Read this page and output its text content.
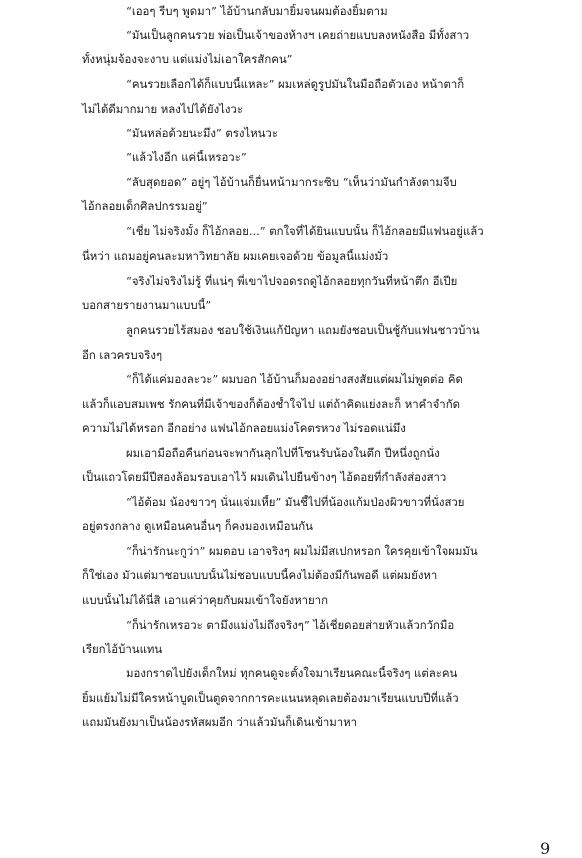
“เออๆ รีบๆ พูดมา” ไอ้บ้านกลับมายิ้มจนผมต้องยิ้มตาม
“มันเป็นลูกคนรวย พ่อเป็นเจ้าของห้างฯ เคยถ่ายแบบลงหนังสือ มีทั้งสาว
ทั้งหนุ่มจ้องจะงาบ แต่แม่งไม่เอาใครสักคน”
“คนรวยเลือกได้ก็แบบนี้แหละ” ผมเหล่ดูรูปมันในมือถือตัวเอง หน้าตาก็
ไม่ได้ดีมากมาย หลงไปได้ยังไงวะ
“มันหล่อด้วยนะมึง” ตรงไหนวะ
“แล้วไงอีก แค่นี้เหรอวะ”
“ลับสุดยอด” อยู่ๆ ไอ้บ้านก็ยื่นหน้ามากระซิบ “เห็นว่ามันกำลังตามจีบ
ไอ้กลอยเด็กศิลปกรรมอยู่”
“เชี่ย ไม่จริงมั้ง ก็ไอ้กลอย...” ตกใจที่ได้ยินแบบนั้น ก็ไอ้กลอยมีแฟนอยู่แล้ว
นี่หว่า แถมอยู่คนละมหาวิทยาลัย ผมเคยเจอด้วย ข้อมูลนี้แม่งมั่ว
“จริงไม่จริงไม่รู้ ที่แน่ๆ พี่เขาไปจอดรถดูไอ้กลอยทุกวันที่หน้าตึก อีเปีย
บอกสายรายงานมาแบบนี้”
ลูกคนรวยไร้สมอง ชอบใช้เงินแก้ปัญหา แถมยังชอบเป็นชู้กับแฟนชาวบ้าน
อีก เลวครบจริงๆ
“ก็ได้แค่มองละวะ” ผมบอก ไอ้บ้านก็มองอย่างสงสัยแต่ผมไม่พูดต่อ คิด
แล้วก็แอบสมเพช รักคนที่มีเจ้าของก็ต้องช้ำใจไป แต่ถ้าคิดแย่งละก็ หาคำจำกัด
ความไม่ได้หรอก อีกอย่าง แฟนไอ้กลอยแม่งโคตรหวง ไม่รอดแน่มึง
ผมเอามือถือคืนก่อนจะพากันลุกไปที่โซนรับน้องในตึก ปีหนึ่งถูกนั่ง
เป็นแถวโดยมีปีสองล้อมรอบเอาไว้ ผมเดินไปยืนข้างๆ ไอ้ดอยที่กำลังส่องสาว
“ไอ้ต้อม น้องขาวๆ นั่นแจ่มเหี้ย” มันชี้ไปที่น้องแก้มป่องผิวขาวที่นั่งสวย
อยู่ตรงกลาง ดูเหมือนคนอื่นๆ ก็คงมองเหมือนกัน
“ก็น่ารักนะกูว่า” ผมตอบ เอาจริงๆ ผมไม่มีสเปกหรอก ใครคุยเข้าใจผมมัน
ก็ใช่เอง มัวแต่มาชอบแบบนั้นไม่ชอบแบบนี้คงไม่ต้องมีกันพอดี แต่ผมยังหา
แบบนั้นไม่ได้นี่สิ เอาแค่ว่าคุยกับผมเข้าใจยังหายาก
“ก็น่ารักเหรอวะ ตามึงแม่งไม่ถึงจริงๆ” ไอ้เชี่ยดอยส่ายหัวแล้วกวักมือ
เรียกไอ้บ้านแทน
มองกราดไปยังเด็กใหม่ ทุกคนดูจะตั้งใจมาเรียนคณะนี้จริงๆ แต่ละคน
ยิ้มแย้มไม่มีใครหน้าบูดเป็นตูดจากการคะแนนหลุดเลยต้องมาเรียนแบบปีที่แล้ว
แถมมันยังมาเป็นน้องรหัสผมอีก ว่าแล้วมันก็เดินเข้ามาหา
9
